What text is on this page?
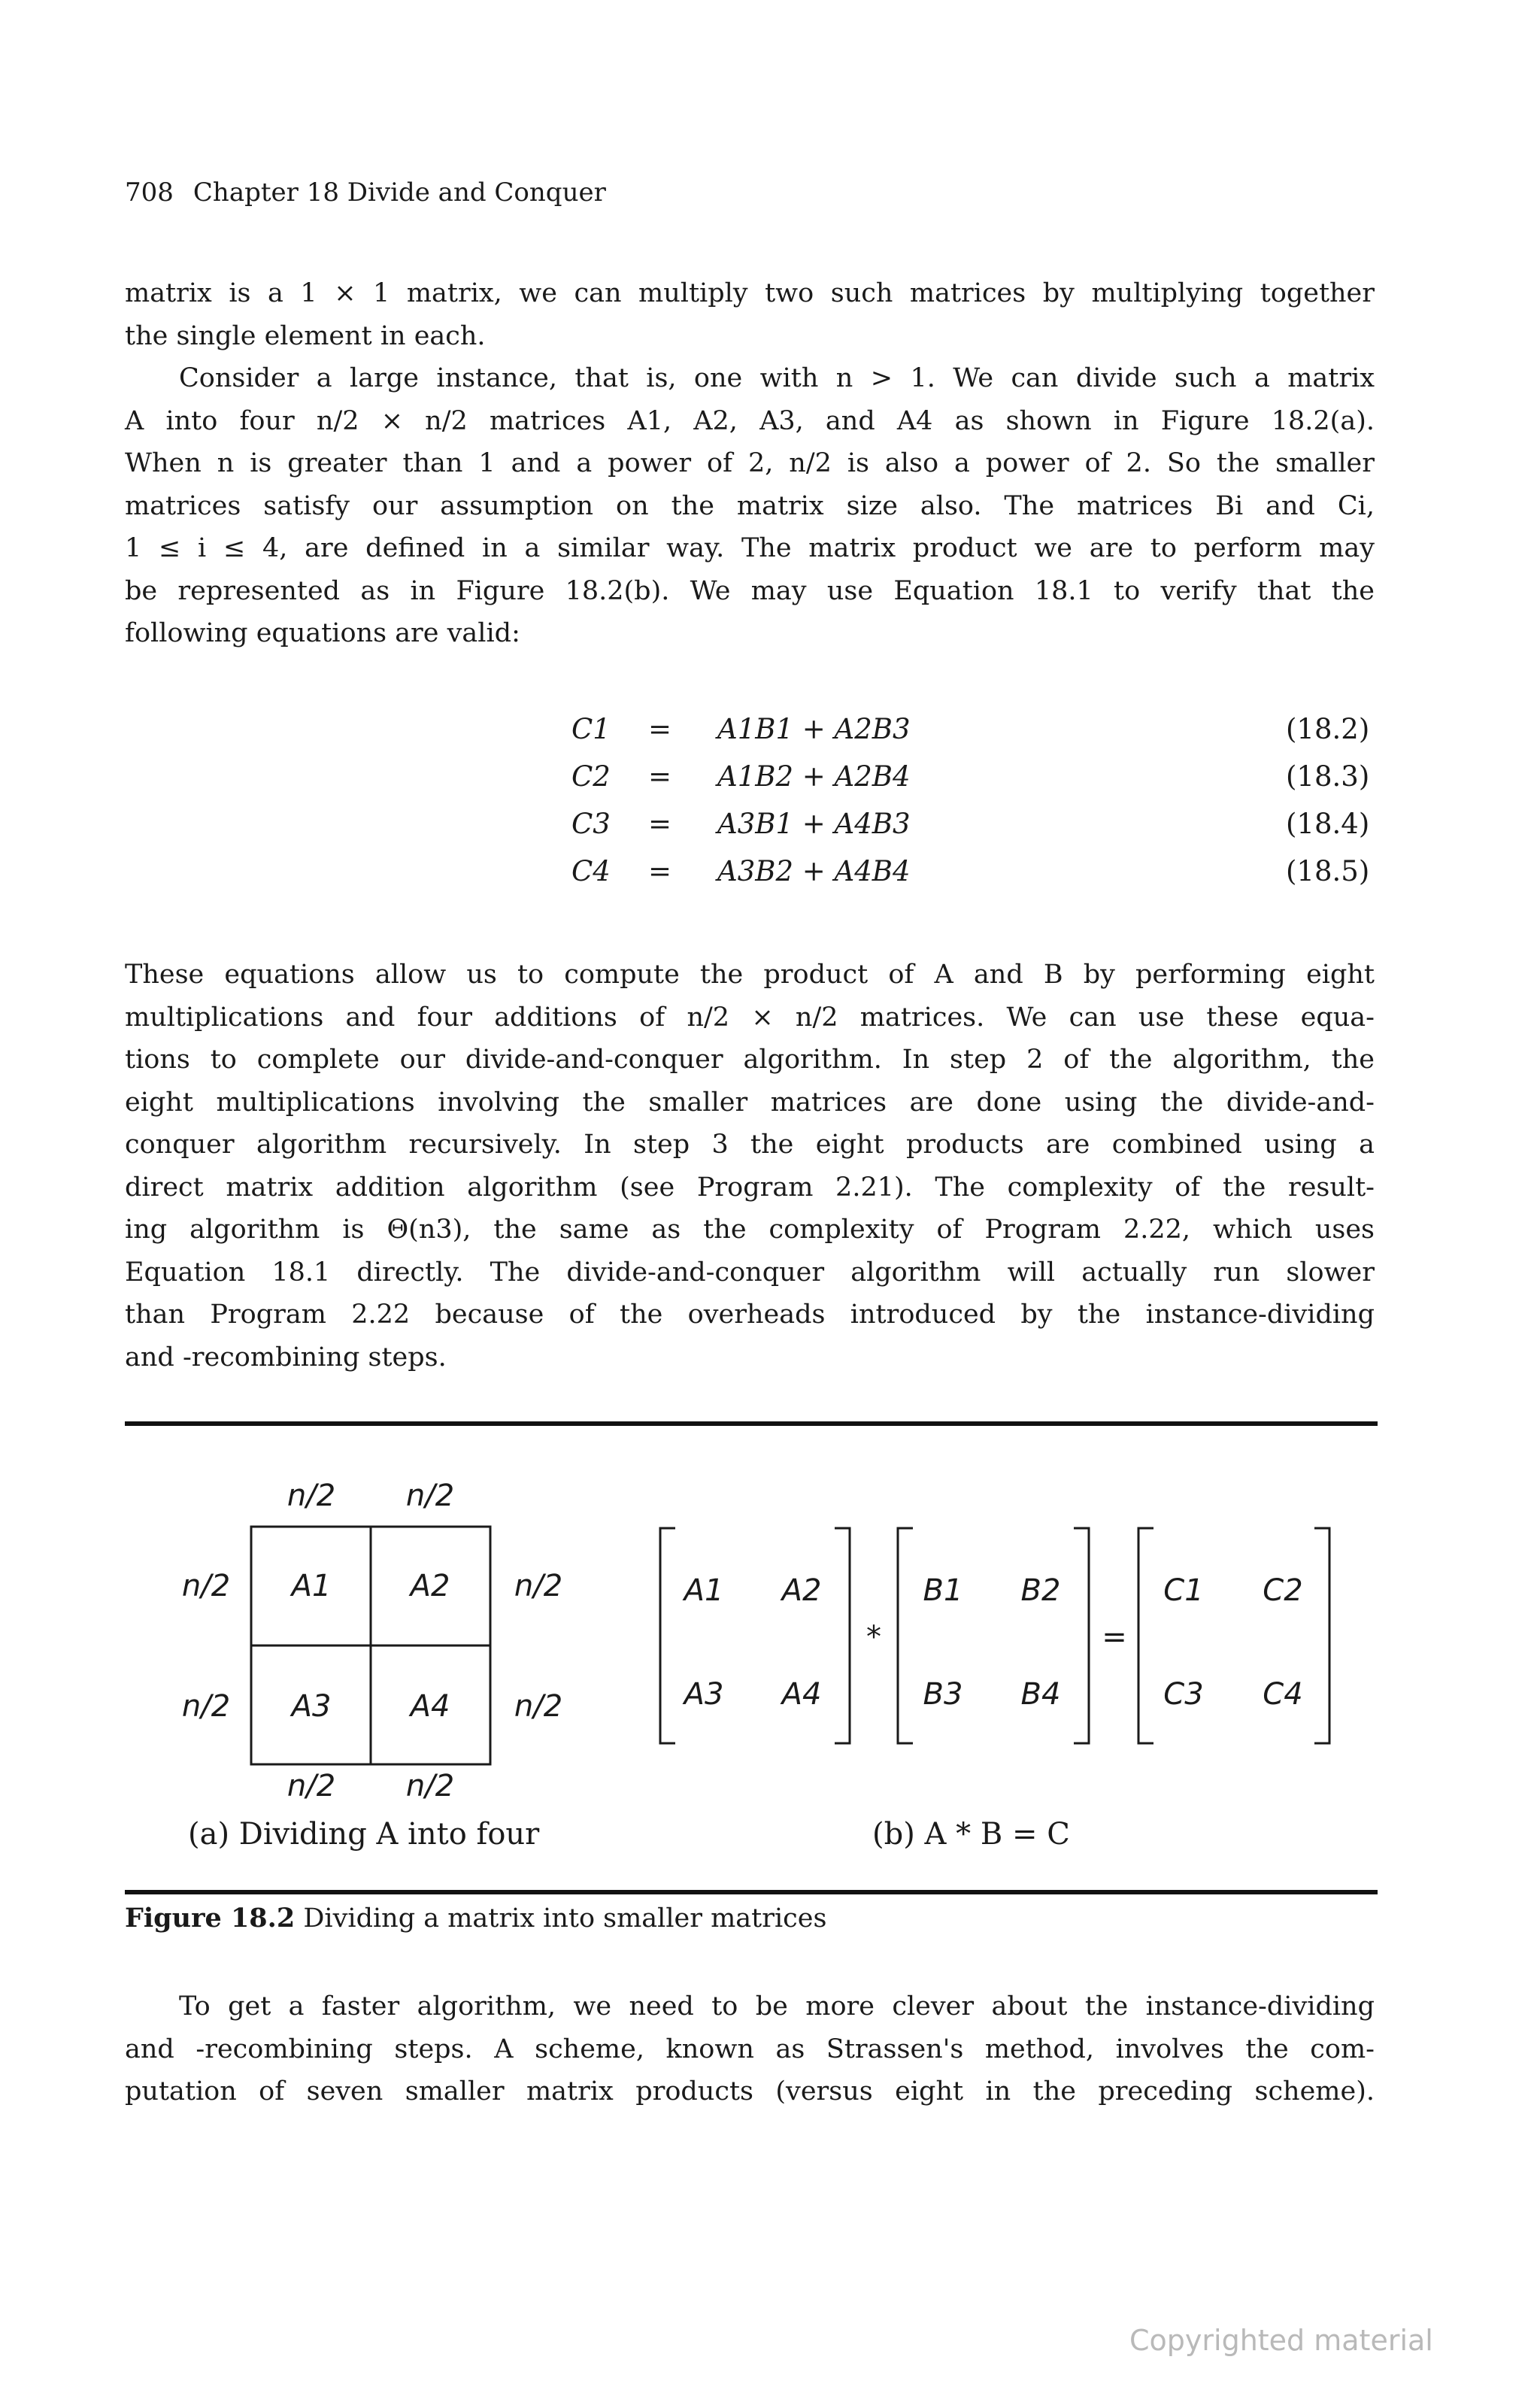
708 Chapter 18 Divide and Conquer
matrix is a 1 × 1 matrix, we can multiply two such matrices by multiplying together
the single element in each.
Consider a large instance, that is, one with n > 1. We can divide such a matrix
A into four n/2 × n/2 matrices A1, A2, A3, and A4 as shown in Figure 18.2(a).
When n is greater than 1 and a power of 2, n/2 is also a power of 2. So the smaller
matrices satisfy our assumption on the matrix size also. The matrices Bi and Ci,
1 ≤ i ≤ 4, are defined in a similar way. The matrix product we are to perform may
be represented as in Figure 18.2(b). We may use Equation 18.1 to verify that the
following equations are valid:
C1 = A1B1 + A2B3	(18.2)
C2 = A1B2 + A2B4	(18.3)
C3 = A3B1 + A4B3	(18.4)
C4 = A3B2 + A4B4	(18.5)
These equations allow us to compute the product of A and B by performing eight
multiplications and four additions of n/2 × n/2 matrices. We can use these equa-
tions to complete our divide-and-conquer algorithm. In step 2 of the algorithm, the
eight multiplications involving the smaller matrices are done using the divide-and-
conquer algorithm recursively. In step 3 the eight products are combined using a
direct matrix addition algorithm (see Program 2.21). The complexity of the result-
ing algorithm is Θ(n3), the same as the complexity of Program 2.22, which uses
Equation 18.1 directly. The divide-and-conquer algorithm will actually run slower
than Program 2.22 because of the overheads introduced by the instance-dividing
and -recombining steps.
n/2 n/2
n/2
n/2
n/2
n/2
n/2 n/2
A1	A2
A3	A4
A1 A2
A3 A4
B1 B2
B3 B4
C1 C2
C3 C4
*	=
(a) Dividing A into four	(b) A * B = C
Figure 18.2 Dividing a matrix into smaller matrices
To get a faster algorithm, we need to be more clever about the instance-dividing
and -recombining steps. A scheme, known as Strassen's method, involves the com-
putation of seven smaller matrix products (versus eight in the preceding scheme).
Copyrighted material
